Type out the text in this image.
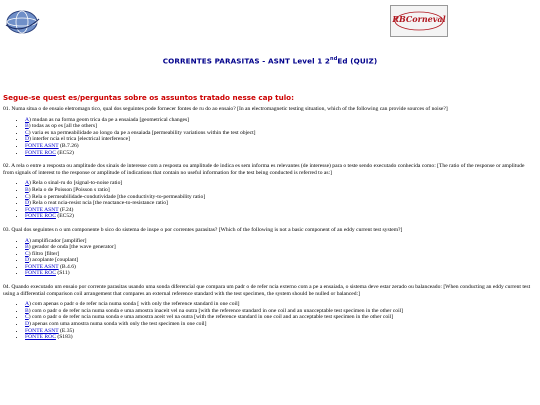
RBCorneval
CORRENTES PARASITAS - ASNT Level 1 2ndEd (QUIZ)
Segue-se quest es/perguntas sobre os assuntos tratado nesse cap tulo:

01. Numa situa o de ensaio eletromagn tico, qual dos seguintes pode fornecer fontes de ru do ao ensaio? [In an electromagnetic testing situation, which of the following can provide sources of noise?]

• A) mudan as na forma geom trica da pe a ensaiada [geometrical changes]
• B) todas as op es [all the others]
• C) varia es na permeabilidade ao longo da pe a ensaiada [permeability variations within the test object]
• D) interfer ncia el trica [electrical interference]
• FONTE ASNT (B.7.26)
• FONTE ROC (EC52)

02. A rela o entre a resposta ou amplitude dos sinais de interesse com a resposta ou amplitude de indica es sem informa es relevantes (de interesse) para o teste sendo executado conhecida como: [The ratio of the response or amplitude from signals of interest to the response or amplitude of indications that contain no useful information for the test being conducted is referred to as:]

• A) Rela o sinal-ru do [signal-to-noise ratio]
• B) Rela o de Poisson [Poisson s ratio]
• C) Rela o permeabilidade-condutividade [the conductivity-to-permeability ratio]
• D) Rela o reat ncia-resist ncia [the reactance-to-resistance ratio]
• FONTE ASNT (F.24)
• FONTE ROC (EC52)

03. Qual dos seguintes n o um componente b sico do sistema de inspe o por correntes parasitas? [Which of the following is not a basic component of an eddy current test system?]

• A) amplificador [amplifier]
• B) gerador de onda [the wave generator]
• C) filtro [filter]
• D) acoplante [couplant]
• FONTE ASNT (B.4.6)
• FONTE ROC (S11)

04. Quando executado um ensaio por corrente parasitas usando uma sonda diferencial que compara um padr o de refer ncia externo com a pe a ensaiada, o sistema deve estar zerado ou balanceado: [When conducting an eddy current test using a differential comparison coil arrangement that compares an external reference standard with the test specimen, the system should be nulled or balanced:]

• A) com apenas o padr o de refer ncia numa sonda [ with only the reference standard in one coil]
• B) com o padr o de refer ncia numa sonda e uma amostra inaceit vel na outra [with the reference standard in one coil and an unacceptable test specimen in the other coil]
• C) com o padr o de refer ncia numa sonda e uma amostra aceit vel na outra [with the reference standard in one coil and an acceptable test specimen in the other coil]
• D) apenas com uma amostra numa sonda with only the test specimen in one coil]
• FONTE ASNT (E.35)
• FONTE ROC (S183)
